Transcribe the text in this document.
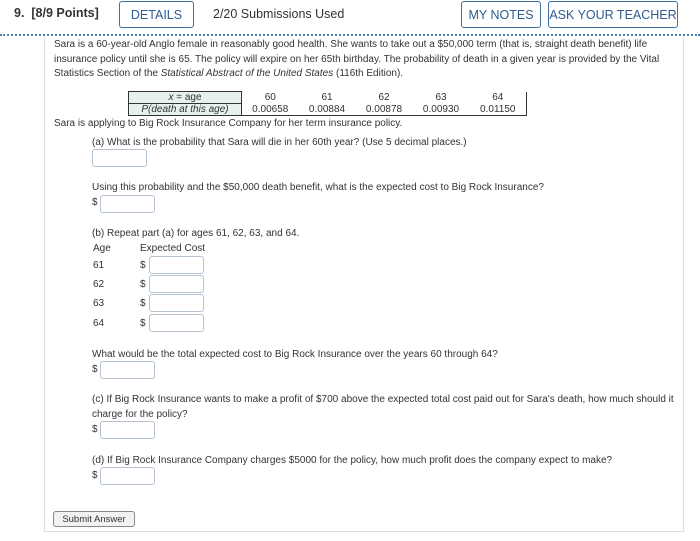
9. [8/9 Points]	DETAILS	2/20 Submissions Used	MY NOTES	ASK YOUR TEACHER
Sara is a 60-year-old Anglo female in reasonably good health. She wants to take out a $50,000 term (that is, straight death benefit) life insurance policy until she is 65. The policy will expire on her 65th birthday. The probability of death in a given year is provided by the Vital Statistics Section of the Statistical Abstract of the United States (116th Edition).
x = age	60	61	62	63	64
P(death at this age)	0.00658	0.00884	0.00878	0.00930	0.01150
Sara is applying to Big Rock Insurance Company for her term insurance policy.
(a) What is the probability that Sara will die in her 60th year? (Use 5 decimal places.)
Using this probability and the $50,000 death benefit, what is the expected cost to Big Rock Insurance?
$
(b) Repeat part (a) for ages 61, 62, 63, and 64.
Age	Expected Cost
61	$
62	$
63	$
64	$
What would be the total expected cost to Big Rock Insurance over the years 60 through 64?
$
(c) If Big Rock Insurance wants to make a profit of $700 above the expected total cost paid out for Sara's death, how much should it charge for the policy?
$
(d) If Big Rock Insurance Company charges $5000 for the policy, how much profit does the company expect to make?
$
Submit Answer
